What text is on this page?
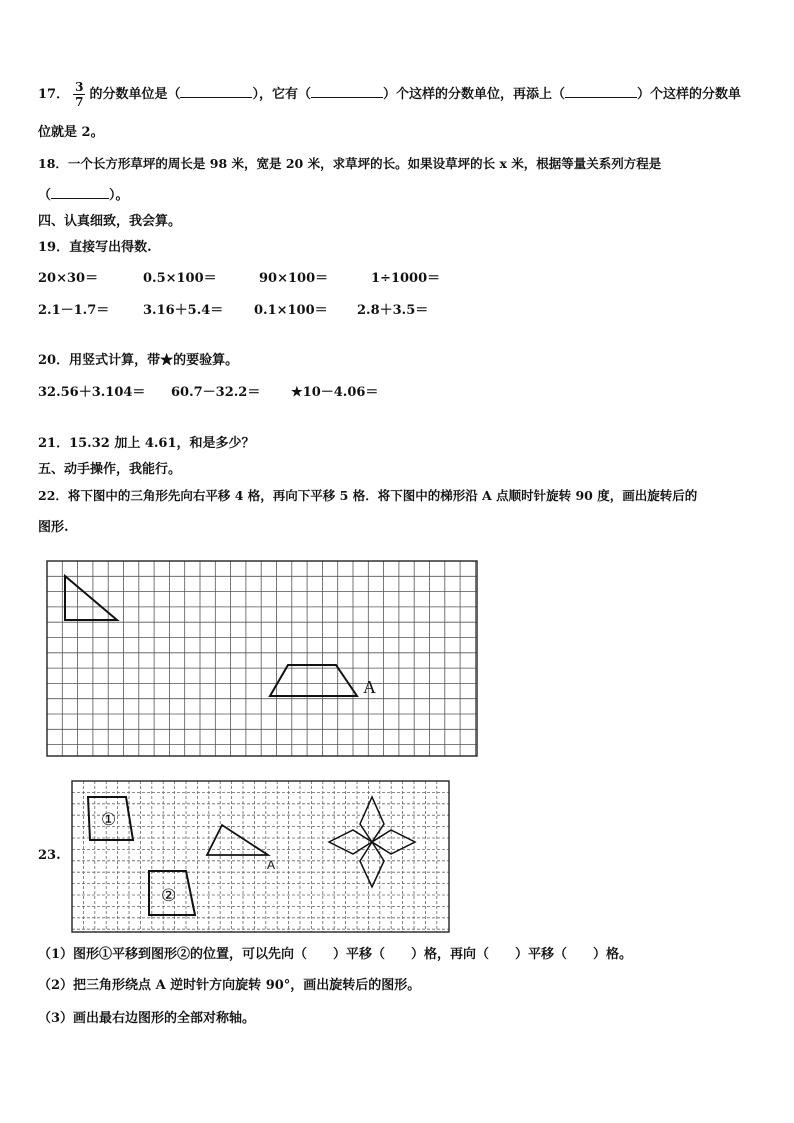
17． $\frac{3}{7}$ 的分数单位是（	），它有（	）个这样的分数单位，再添上（	）个这样的分数单
位就是 2。
18．一个长方形草坪的周长是 98 米，宽是 20 米，求草坪的长。如果设草坪的长 x 米，根据等量关系列方程是
（	）。
四、认真细致，我会算。
19．直接写出得数.
20×30＝	0.5×100＝	90×100＝	1÷1000＝
2.1－1.7＝	3.16＋5.4＝ 0.1×100＝ 2.8＋3.5＝
20．用竖式计算，带★的要验算。
32.56＋3.104＝ 60.7－32.2＝ ★10－4.06＝
21．15.32 加上 4.61，和是多少？
五、动手操作，我能行。
22．将下图中的三角形先向右平移 4 格，再向下平移 5 格．将下图中的梯形沿 A 点顺时针旋转 90 度，画出旋转后的
图形.
A
23.
①
②
A
（1）图形①平移到图形②的位置，可以先向（　　）平移（　　）格，再向（　　）平移（　　）格。
（2）把三角形绕点 A 逆时针方向旋转 90°，画出旋转后的图形。
（3）画出最右边图形的全部对称轴。
